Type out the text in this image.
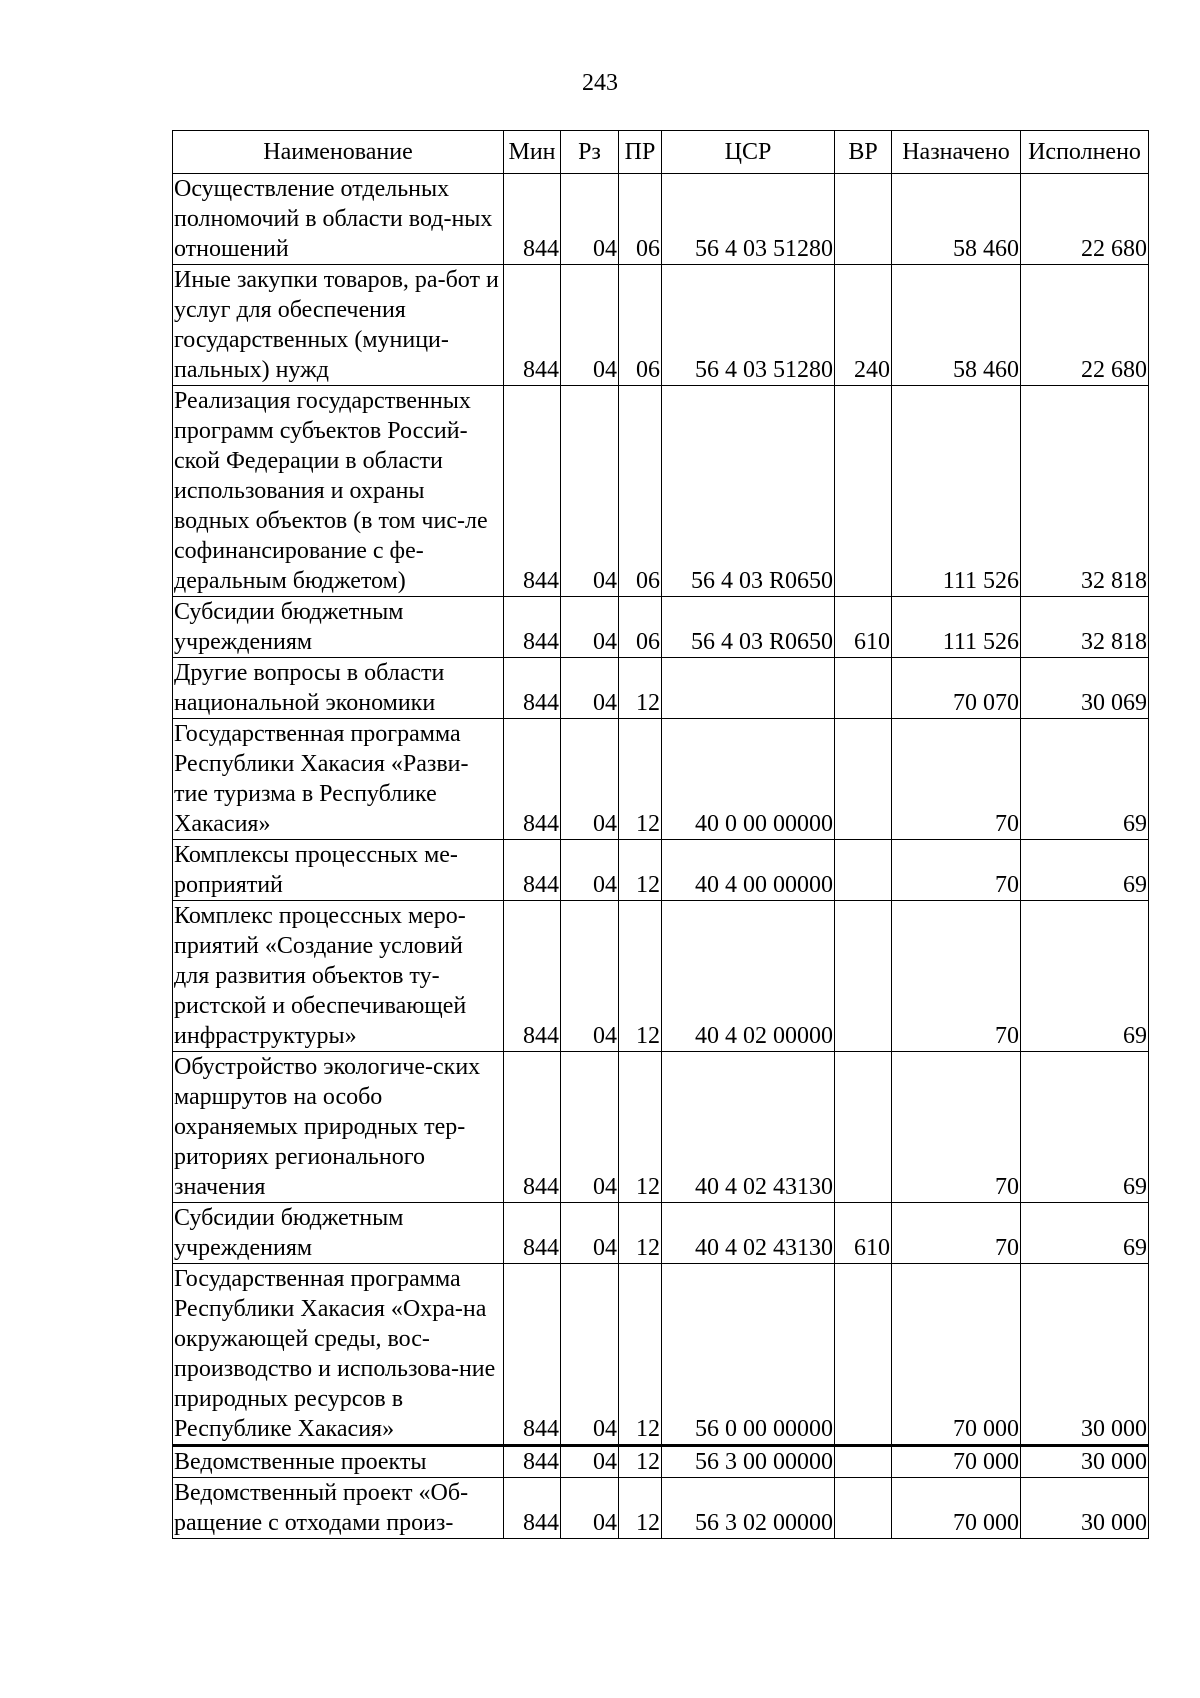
243
Наименование	Мин	Рз	ПР	ЦСР	ВР	Назначено	Исполнено
Осуществление отдельных полномочий в области вод-ных отношений	844	04	06	56 4 03 51280		58 460	22 680
Иные закупки товаров, ра-бот и услуг для обеспечения государственных (муници-пальных) нужд	844	04	06	56 4 03 51280	240	58 460	22 680
Реализация государственных программ субъектов Россий-ской Федерации в области использования и охраны водных объектов (в том чис-ле софинансирование с фе-деральным бюджетом)	844	04	06	56 4 03 R0650		111 526	32 818
Субсидии бюджетным учреждениям	844	04	06	56 4 03 R0650	610	111 526	32 818
Другие вопросы в области национальной экономики	844	04	12			70 070	30 069
Государственная программа Республики Хакасия «Разви-тие туризма в Республике Хакасия»	844	04	12	40 0 00 00000		70	69
Комплексы процессных ме-роприятий	844	04	12	40 4 00 00000		70	69
Комплекс процессных меро-приятий «Создание условий для развития объектов ту-ристской и обеспечивающей инфраструктуры»	844	04	12	40 4 02 00000		70	69
Обустройство экологиче-ских маршрутов на особо охраняемых природных тер-риториях регионального значения	844	04	12	40 4 02 43130		70	69
Субсидии бюджетным учреждениям	844	04	12	40 4 02 43130	610	70	69
Государственная программа Республики Хакасия «Охра-на окружающей среды, вос-производство и использова-ние природных ресурсов в Республике Хакасия»	844	04	12	56 0 00 00000		70 000	30 000
Ведомственные проекты	844	04	12	56 3 00 00000		70 000	30 000
Ведомственный проект «Об-ращение с отходами произ-	844	04	12	56 3 02 00000		70 000	30 000
